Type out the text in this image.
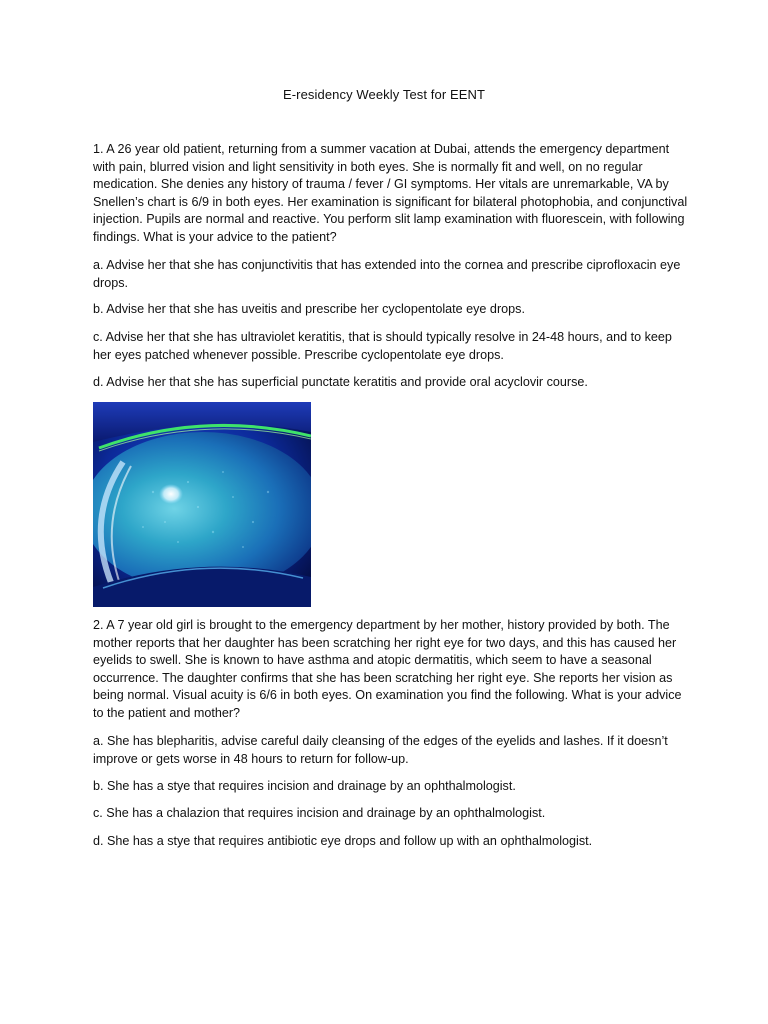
E-residency Weekly Test for EENT

1. A 26 year old patient, returning from a summer vacation at Dubai, attends the emergency department with pain, blurred vision and light sensitivity in both eyes. She is normally fit and well, on no regular medication. She denies any history of trauma / fever / GI symptoms. Her vitals are unremarkable, VA by Snellen’s chart is 6/9 in both eyes. Her examination is significant for bilateral photophobia, and conjunctival injection. Pupils are normal and reactive. You perform slit lamp examination with fluorescein, with following findings. What is your advice to the patient?

a. Advise her that she has conjunctivitis that has extended into the cornea and prescribe ciprofloxacin eye drops.

b. Advise her that she has uveitis and prescribe her cyclopentolate eye drops.

c. Advise her that she has ultraviolet keratitis, that is should typically resolve in 24-48 hours, and to keep her eyes patched whenever possible. Prescribe cyclopentolate eye drops.

d. Advise her that she has superficial punctate keratitis and provide oral acyclovir course.

2. A 7 year old girl is brought to the emergency department by her mother, history provided by both. The mother reports that her daughter has been scratching her right eye for two days, and this has caused her eyelids to swell. She is known to have asthma and atopic dermatitis, which seem to have a seasonal occurrence. The daughter confirms that she has been scratching her right eye. She reports her vision as being normal. Visual acuity is 6/6 in both eyes. On examination you find the following. What is your advice to the patient and mother?

a. She has blepharitis, advise careful daily cleansing of the edges of the eyelids and lashes. If it doesn’t improve or gets worse in 48 hours to return for follow-up.

b. She has a stye that requires incision and drainage by an ophthalmologist.

c. She has a chalazion that requires incision and drainage by an ophthalmologist.

d. She has a stye that requires antibiotic eye drops and follow up with an ophthalmologist.
